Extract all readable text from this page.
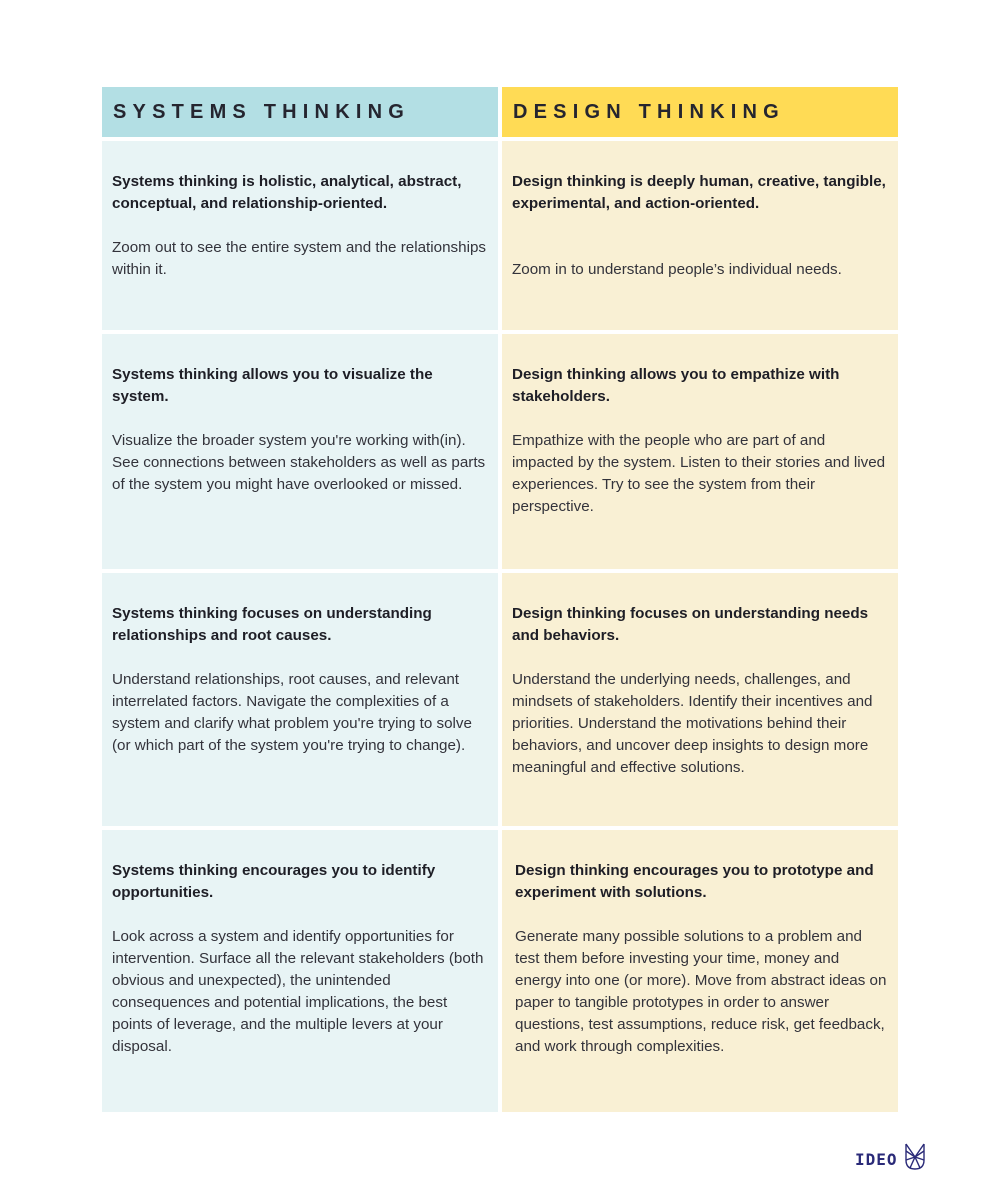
SYSTEMS THINKING	DESIGN THINKING

Systems thinking is holistic, analytical, abstract, conceptual, and relationship-oriented.

Zoom out to see the entire system and the relationships within it.

Design thinking is deeply human, creative, tangible, experimental, and action-oriented.

Zoom in to understand people’s individual needs.

Systems thinking allows you to visualize the system.

Visualize the broader system you're working with(in). See connections between stakeholders as well as parts of the system you might have overlooked or missed.

Design thinking allows you to empathize with stakeholders.

Empathize with the people who are part of and impacted by the system. Listen to their stories and lived experiences. Try to see the system from their perspective.

Systems thinking focuses on understanding relationships and root causes.

Understand relationships, root causes, and relevant interrelated factors. Navigate the complexities of a system and clarify what problem you're trying to solve (or which part of the system you're trying to change).

Design thinking focuses on understanding needs and behaviors.

Understand the underlying needs, challenges, and mindsets of stakeholders. Identify their incentives and priorities. Understand the motivations behind their behaviors, and uncover deep insights to design more meaningful and effective solutions.

Systems thinking encourages you to identify opportunities.

Look across a system and identify opportunities for intervention. Surface all the relevant stakeholders (both obvious and unexpected), the unintended consequences and potential implications, the best points of leverage, and the multiple levers at your disposal.

Design thinking encourages you to prototype and experiment with solutions.

Generate many possible solutions to a problem and test them before investing your time, money and energy into one (or more). Move from abstract ideas on paper to tangible prototypes in order to answer questions, test assumptions, reduce risk, get feedback, and work through complexities.

IDEO
